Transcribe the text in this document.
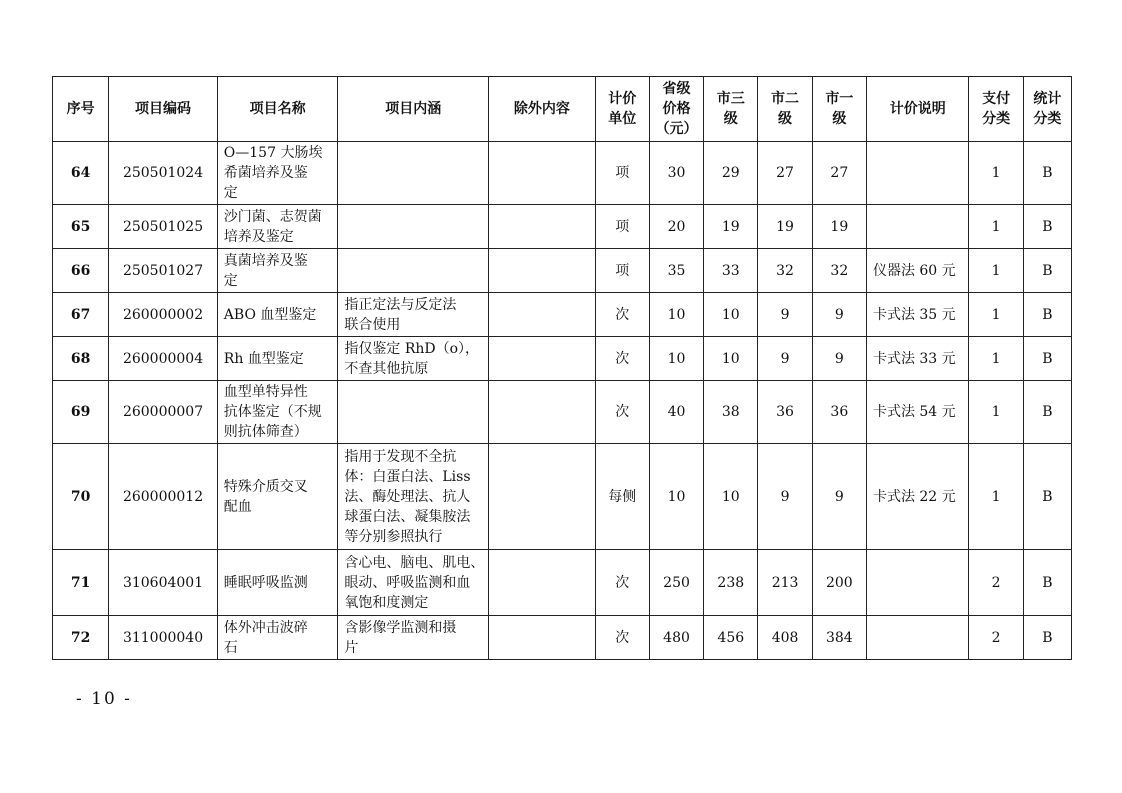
序号	项目编码	项目名称	项目内涵	除外内容	计价
单位	省级
价格
（元）	市三
级	市二
级	市一
级	计价说明	支付
分类	统计
分类
64	250501024	O—157 大肠埃
希菌培养及鉴
定			项	30	29	27	27		1	B
65	250501025	沙门菌、志贺菌
培养及鉴定			项	20	19	19	19		1	B
66	250501027	真菌培养及鉴
定			项	35	33	32	32	仪器法 60 元	1	B
67	260000002	ABO 血型鉴定	指正定法与反定法
联合使用		次	10	10	9	9	卡式法 35 元	1	B
68	260000004	Rh 血型鉴定	指仅鉴定 RhD（o），
不查其他抗原		次	10	10	9	9	卡式法 33 元	1	B
69	260000007	血型单特异性
抗体鉴定（不规
则抗体筛查）			次	40	38	36	36	卡式法 54 元	1	B
70	260000012	特殊介质交叉
配血	指用于发现不全抗
体：白蛋白法、Liss
法、酶处理法、抗人
球蛋白法、凝集胺法
等分别参照执行		每侧	10	10	9	9	卡式法 22 元	1	B
71	310604001	睡眠呼吸监测	含心电、脑电、肌电、
眼动、呼吸监测和血
氧饱和度测定		次	250	238	213	200		2	B
72	311000040	体外冲击波碎
石	含影像学监测和摄
片		次	480	456	408	384		2	B
- 10 -
